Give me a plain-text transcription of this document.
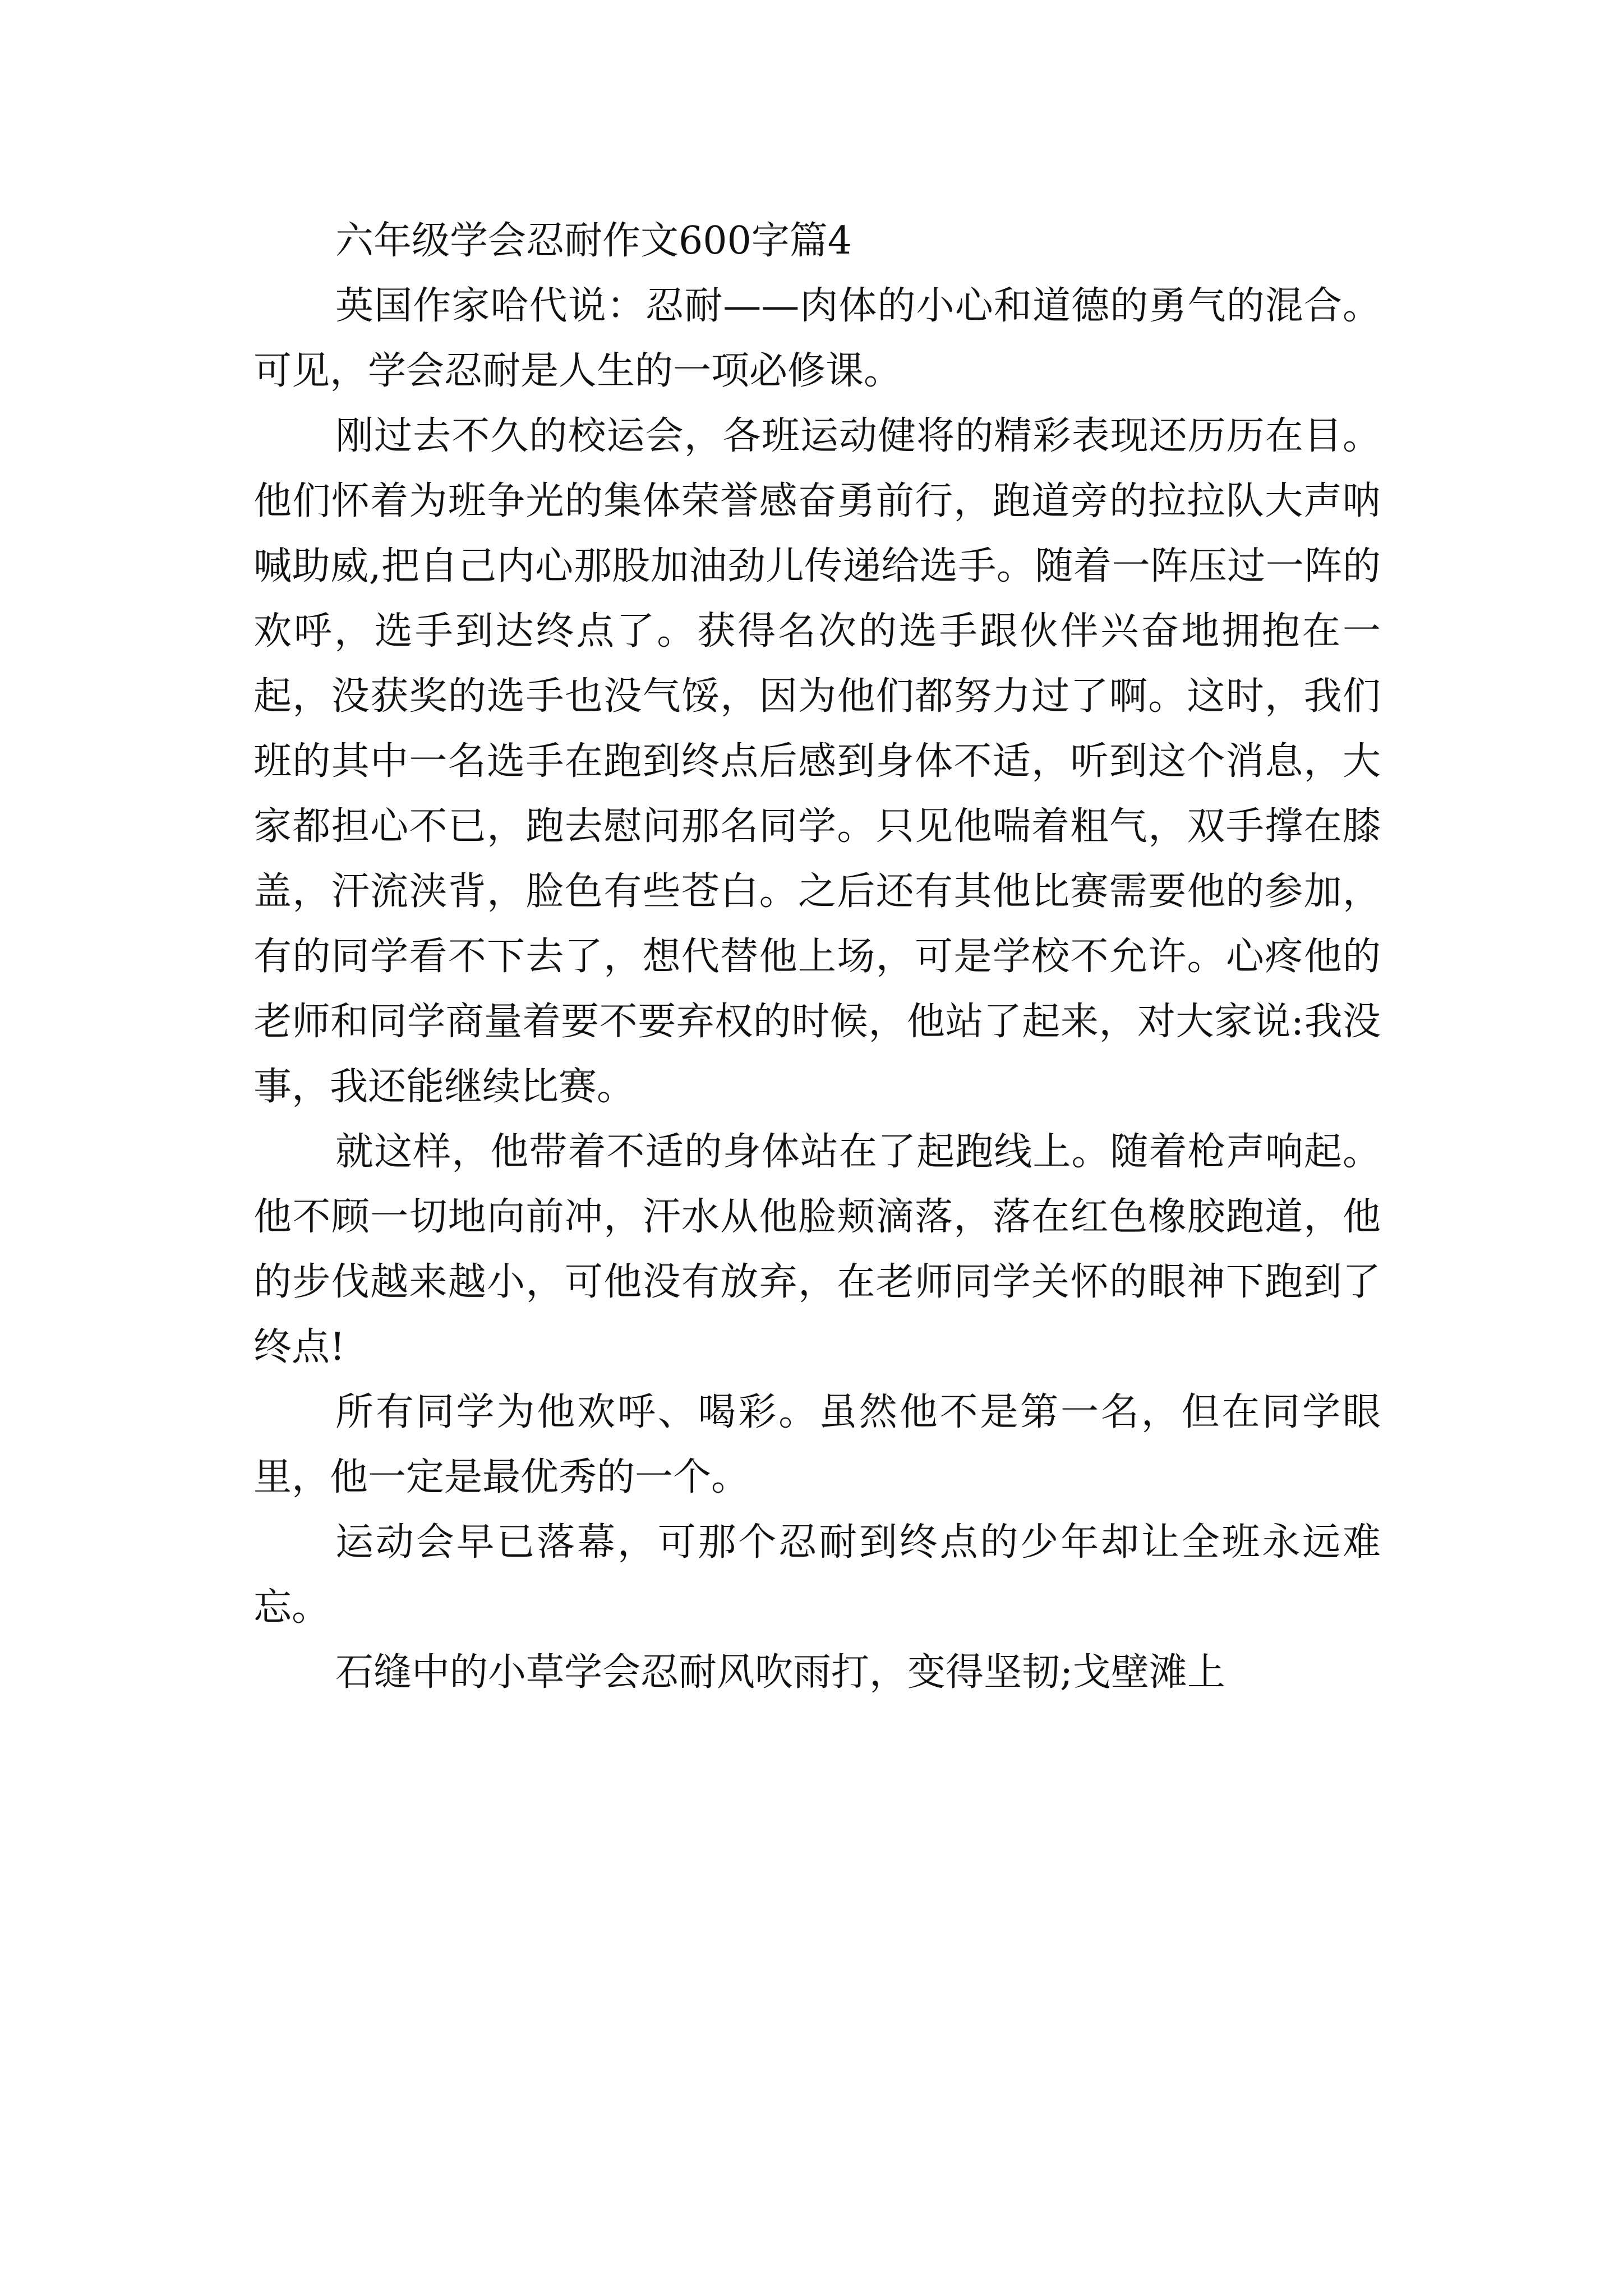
六年级学会忍耐作文600字篇4

英国作家哈代说：忍耐——肉体的小心和道德的勇气的混合。可见，学会忍耐是人生的一项必修课。

刚过去不久的校运会，各班运动健将的精彩表现还历历在目。他们怀着为班争光的集体荣誉感奋勇前行，跑道旁的拉拉队大声呐喊助威,把自己内心那股加油劲儿传递给选手。随着一阵压过一阵的欢呼，选手到达终点了。获得名次的选手跟伙伴兴奋地拥抱在一起，没获奖的选手也没气馁，因为他们都努力过了啊。这时，我们班的其中一名选手在跑到终点后感到身体不适，听到这个消息，大家都担心不已，跑去慰问那名同学。只见他喘着粗气，双手撑在膝盖，汗流浃背，脸色有些苍白。之后还有其他比赛需要他的参加，有的同学看不下去了，想代替他上场，可是学校不允许。心疼他的老师和同学商量着要不要弃权的时候，他站了起来，对大家说:我没事，我还能继续比赛。

就这样，他带着不适的身体站在了起跑线上。随着枪声响起。他不顾一切地向前冲，汗水从他脸颊滴落，落在红色橡胶跑道，他的步伐越来越小，可他没有放弃，在老师同学关怀的眼神下跑到了终点!

所有同学为他欢呼、喝彩。虽然他不是第一名，但在同学眼里，他一定是最优秀的一个。

运动会早已落幕，可那个忍耐到终点的少年却让全班永远难忘。

石缝中的小草学会忍耐风吹雨打，变得坚韧;戈壁滩上
